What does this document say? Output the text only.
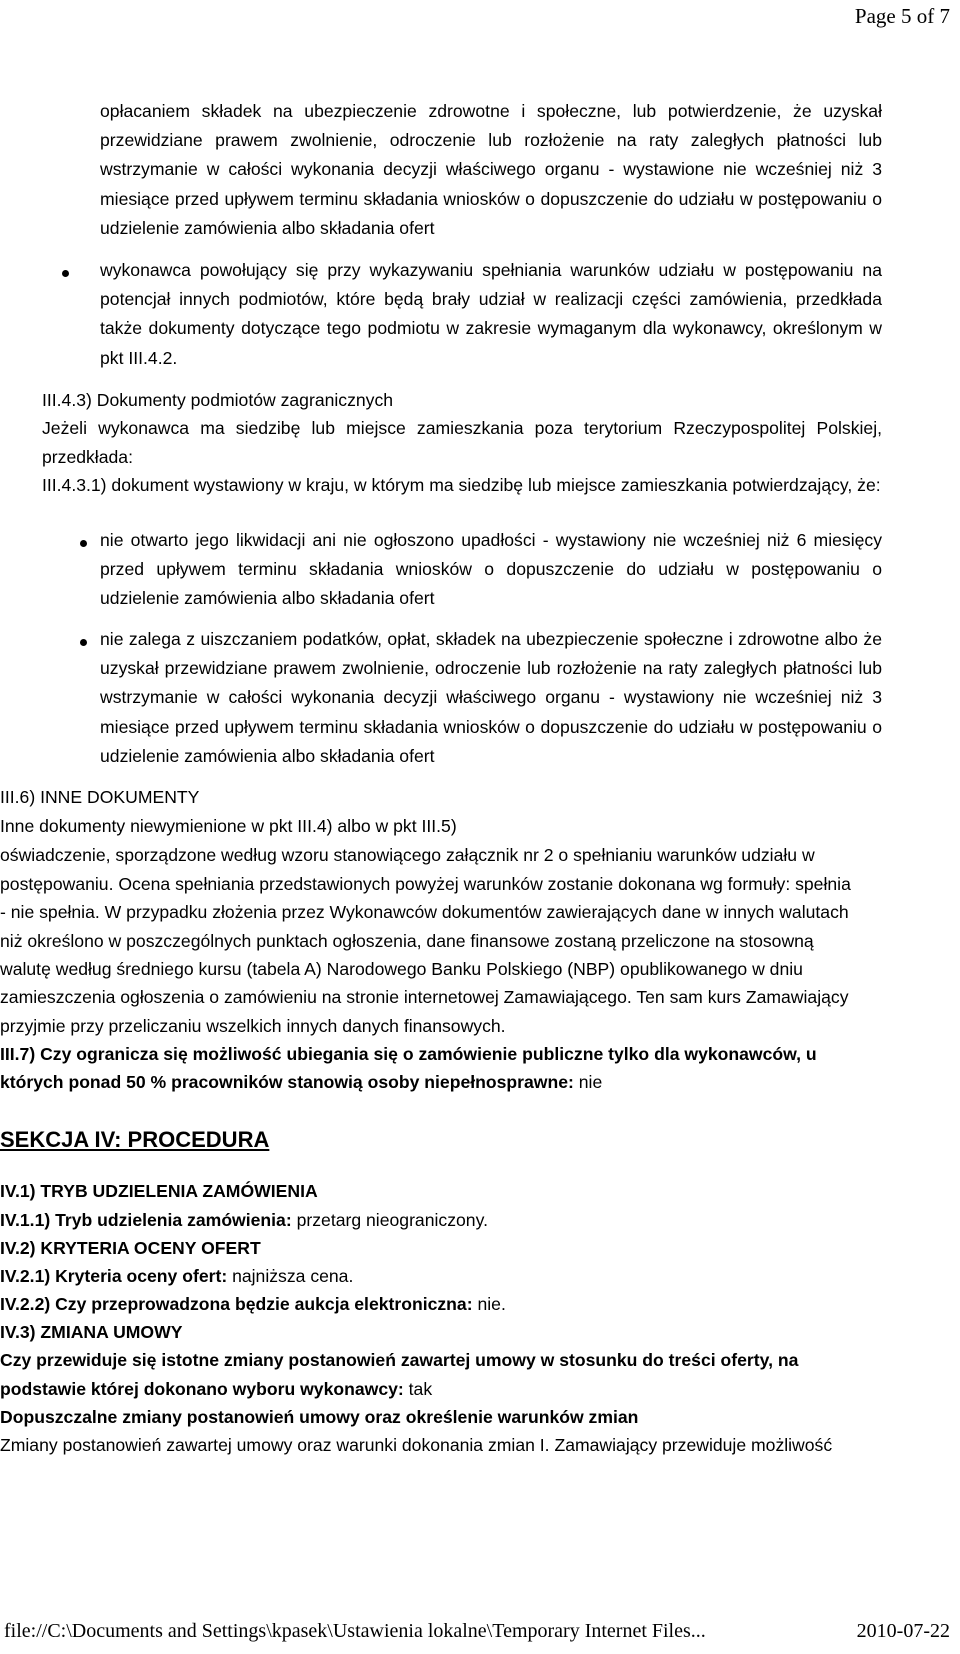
Page 5 of 7

opłacaniem składek na ubezpieczenie zdrowotne i społeczne, lub potwierdzenie, że uzyskał przewidziane prawem zwolnienie, odroczenie lub rozłożenie na raty zaległych płatności lub wstrzymanie w całości wykonania decyzji właściwego organu - wystawione nie wcześniej niż 3 miesiące przed upływem terminu składania wniosków o dopuszczenie do udziału w postępowaniu o udzielenie zamówienia albo składania ofert

wykonawca powołujący się przy wykazywaniu spełniania warunków udziału w postępowaniu na potencjał innych podmiotów, które będą brały udział w realizacji części zamówienia, przedkłada także dokumenty dotyczące tego podmiotu w zakresie wymaganym dla wykonawcy, określonym w pkt III.4.2.

III.4.3) Dokumenty podmiotów zagranicznych

Jeżeli wykonawca ma siedzibę lub miejsce zamieszkania poza terytorium Rzeczypospolitej Polskiej, przedkłada:

III.4.3.1) dokument wystawiony w kraju, w którym ma siedzibę lub miejsce zamieszkania potwierdzający, że:

nie otwarto jego likwidacji ani nie ogłoszono upadłości - wystawiony nie wcześniej niż 6 miesięcy przed upływem terminu składania wniosków o dopuszczenie do udziału w postępowaniu o udzielenie zamówienia albo składania ofert

nie zalega z uiszczaniem podatków, opłat, składek na ubezpieczenie społeczne i zdrowotne albo że uzyskał przewidziane prawem zwolnienie, odroczenie lub rozłożenie na raty zaległych płatności lub wstrzymanie w całości wykonania decyzji właściwego organu - wystawiony nie wcześniej niż 3 miesiące przed upływem terminu składania wniosków o dopuszczenie do udziału w postępowaniu o udzielenie zamówienia albo składania ofert

III.6) INNE DOKUMENTY
Inne dokumenty niewymienione w pkt III.4) albo w pkt III.5)
oświadczenie, sporządzone według wzoru stanowiącego załącznik nr 2 o spełnianiu warunków udziału w
postępowaniu. Ocena spełniania przedstawionych powyżej warunków zostanie dokonana wg formuły: spełnia
- nie spełnia. W przypadku złożenia przez Wykonawców dokumentów zawierających dane w innych walutach
niż określono w poszczególnych punktach ogłoszenia, dane finansowe zostaną przeliczone na stosowną
walutę według średniego kursu (tabela A) Narodowego Banku Polskiego (NBP) opublikowanego w dniu
zamieszczenia ogłoszenia o zamówieniu na stronie internetowej Zamawiającego. Ten sam kurs Zamawiający
przyjmie przy przeliczaniu wszelkich innych danych finansowych.
III.7) Czy ogranicza się możliwość ubiegania się o zamówienie publiczne tylko dla wykonawców, u
których ponad 50 % pracowników stanowią osoby niepełnosprawne: nie
SEKCJA IV: PROCEDURA
IV.1) TRYB UDZIELENIA ZAMÓWIENIA
IV.1.1) Tryb udzielenia zamówienia: przetarg nieograniczony.
IV.2) KRYTERIA OCENY OFERT
IV.2.1) Kryteria oceny ofert: najniższa cena.
IV.2.2) Czy przeprowadzona będzie aukcja elektroniczna: nie.
IV.3) ZMIANA UMOWY
Czy przewiduje się istotne zmiany postanowień zawartej umowy w stosunku do treści oferty, na
podstawie której dokonano wyboru wykonawcy: tak
Dopuszczalne zmiany postanowień umowy oraz określenie warunków zmian
Zmiany postanowień zawartej umowy oraz warunki dokonania zmian I. Zamawiający przewiduje możliwość
file://C:\Documents and Settings\kpasek\Ustawienia lokalne\Temporary Internet Files...	2010-07-22
